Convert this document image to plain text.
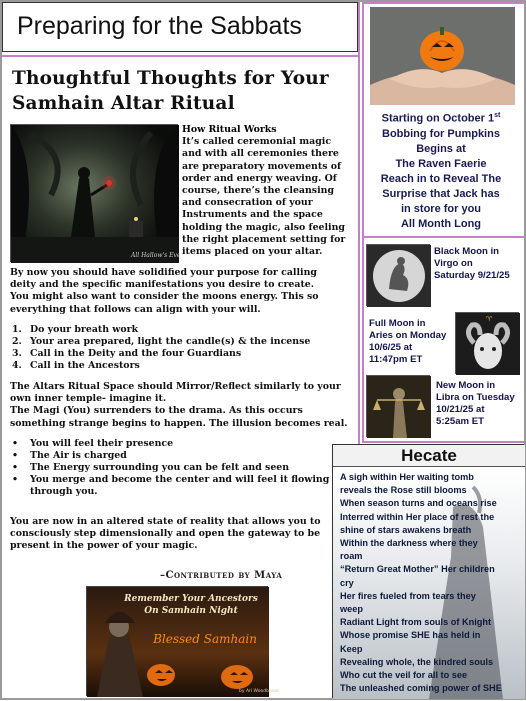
Preparing for the Sabbats
Thoughtful Thoughts for Your
Samhain Altar Ritual
All Hallow's Eve
How Ritual Works
It’s called ceremonial magic
and with all ceremonies there
are preparatory movements of
order and energy weaving. Of
course, there’s the cleansing
and consecration of your
Instruments and the space
holding the magic, also feeling
the right placement setting for
items placed on your altar.
By now you should have solidified your purpose for calling
deity and the specific manifestations you desire to create.
You might also want to consider the moons energy. This so
everything that follows can align with your will.
1. Do your breath work
2. Your area prepared, light the candle(s) & the incense
3. Call in the Deity and the four Guardians
4. Call in the Ancestors
The Altars Ritual Space should Mirror/Reflect similarly to your
own inner temple- imagine it.
The Magi (You) surrenders to the drama. As this occurs
something strange begins to happen. The illusion becomes real.
• You will feel their presence
• The Air is charged
• The Energy surrounding you can be felt and seen
• You merge and become the center and will feel it flowing
through you.
You are now in an altered state of reality that allows you to
consciously step dimensionally and open the gateway to be
present in the power of your magic.
–Contributed by Maya
Remember Your Ancestors
On Samhain Night
Blessed Samhain
by Ari Woodbrook
Starting on October 1st
Bobbing for Pumpkins
Begins at
The Raven Faerie
Reach in to Reveal The
Surprise that Jack has
in store for you
All Month Long
Black Moon in
Virgo on
Saturday 9/21/25
Full Moon in
Aries on Monday
10/6/25 at
11:47pm ET
♈
New Moon in
Libra on Tuesday
10/21/25 at
5:25am ET
Hecate
A sigh within Her waiting tomb
reveals the Rose still blooms
When season turns and oceans rise
Interred within Her place of rest the
shine of stars awakens breath
Within the darkness where they
roam
“Return Great Mother” Her children
cry
Her fires fueled from tears they
weep
Radiant Light from souls of Knight
Whose promise SHE has held in
Keep
Revealing whole, the kindred souls
Who cut the veil for all to see
The unleashed coming power of SHE
